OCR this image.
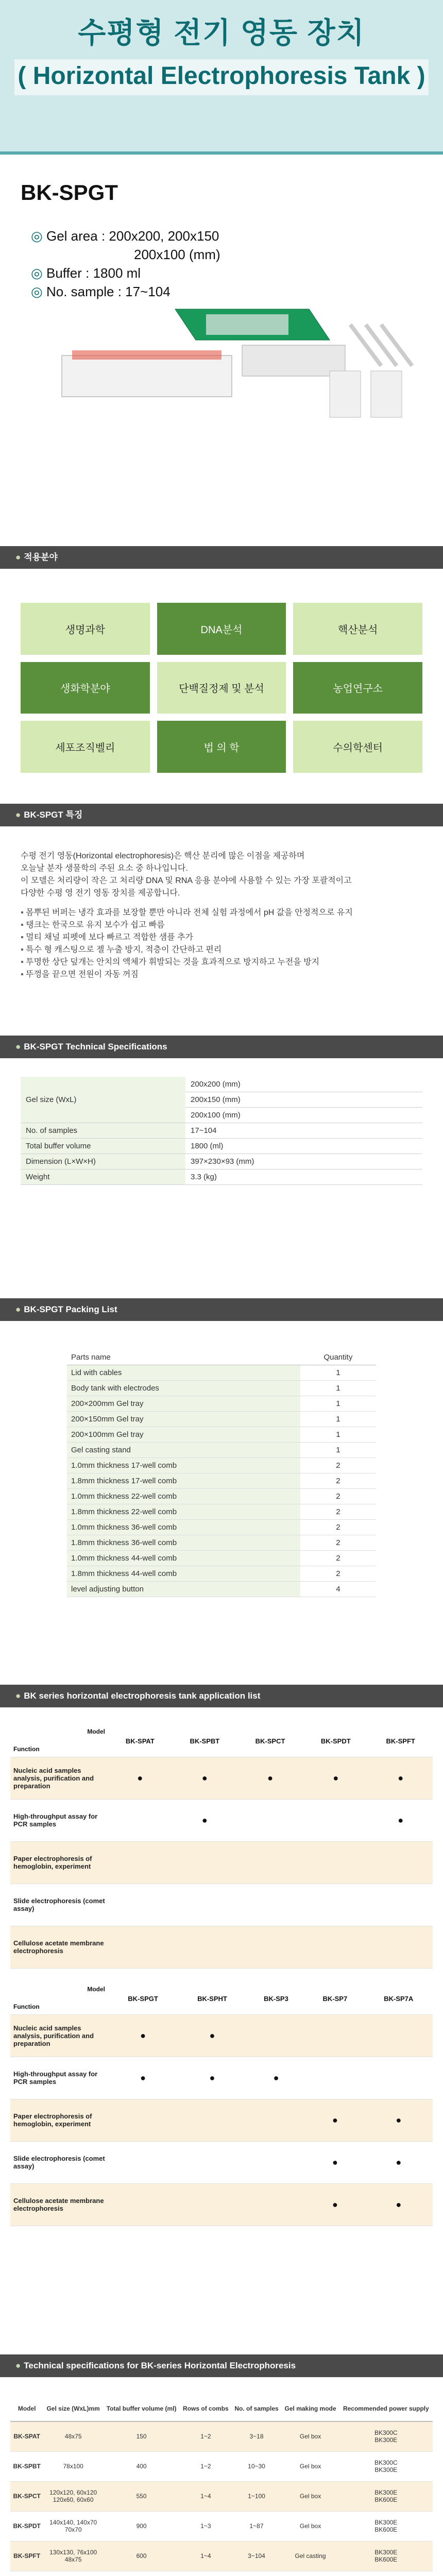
수평형 전기 영동 장치
( Horizontal Electrophoresis Tank )
BK-SPGT
◎ Gel area : 200x200, 200x150
200x100 (mm)
◎ Buffer : 1800 ml
◎ No. sample : 17~104
● 적용분야
생명과학	DNA분석	핵산분석
생화학분야	단백질정제 및 분석	농업연구소
세포조직벨리	법 의 학	수의학센터
● BK-SPGT 특징

수평 전기 영동(Horizontal electrophoresis)은 핵산 분리에 많은 이점을 제공하며

오늘날 분자 생물학의 주된 요소 중 하나입니다.

이 모델은 처리량이 작은 고 처리량 DNA 및 RNA 응용 분야에 사용할 수 있는 가장 포괄적이고

다양한 수평 영 전기 영동 장치를 제공합니다.

▪ 몸뿌된 버퍼는 냉각 효과를 보장할 뿐만 아니라 전체 실험 과정에서 pH 값을 안정적으로 유지
▪ 탱크는 한국으로 유지 보수가 쉽고 빠름
▪ 멀티 채널 피펫에 보다 빠르고 적합한 샘플 추가
▪ 특수 형 캐스팅으로 젤 누출 방지, 적층이 간단하고 편리
▪ 투명한 상단 덮개는 안치의 액체가 휘발되는 것을 효과적으로 방지하고 누전을 방지
▪ 뚜껑을 끝으면 전원이 자동 꺼짐
● BK-SPGT Technical Specifications
Gel size (WxL)	200x200 (mm)
	200x150 (mm)
	200x100 (mm)
No. of samples	17~104
Total buffer volume	1800 (ml)
Dimension (L×W×H)	397×230×93 (mm)
Weight	3.3 (kg)
● BK-SPGT Packing List
Parts name	Quantity
Lid with cables	1
Body tank with electrodes	1
200×200mm Gel tray	1
200×150mm Gel tray	1
200×100mm Gel tray	1
Gel casting stand	1
1.0mm thickness 17-well comb	2
1.8mm thickness 17-well comb	2
1.0mm thickness 22-well comb	2
1.8mm thickness 22-well comb	2
1.0mm thickness 36-well comb	2
1.8mm thickness 36-well comb	2
1.0mm thickness 44-well comb	2
1.8mm thickness 44-well comb	2
level adjusting button	4
● BK series horizontal electrophoresis tank application list
Model
Function	BK-SPAT	BK-SPBT	BK-SPCT	BK-SPDT	BK-SPFT
Nucleic acid samples analysis, purification and preparation	●	●	●	●	●
High-throughput assay for PCR samples		●			●
Paper electrophoresis of hemoglobin, experiment					
Slide electrophoresis (comet assay)					
Cellulose acetate membrane electrophoresis					
Model
Function	BK-SPGT	BK-SPHT	BK-SP3	BK-SP7	BK-SP7A
Nucleic acid samples analysis, purification and preparation	●	●			
High-throughput assay for PCR samples	●	●	●		
Paper electrophoresis of hemoglobin, experiment				●	●
Slide electrophoresis (comet assay)				●	●
Cellulose acetate membrane electrophoresis				●	●
● Technical specifications for BK-series Horizontal Electrophoresis
Model	Gel size (WxL)mm	Total buffer volume (ml)	Rows of combs	No. of samples	Gel making mode	Recommended power supply
BK-SPAT	48x75	150	1~2	3~18	Gel box	BK300C
BK300E
BK-SPBT	78x100	400	1~2	10~30	Gel box	BK300C
BK300E
BK-SPCT	120x120, 60x120
120x60, 60x60	550	1~4	1~100	Gel box	BK300E
BK600E
BK-SPDT	140x140, 140x70
70x70	900	1~3	1~87	Gel box	BK300E
BK600E
BK-SPFT	130x130, 76x100
48x75	600	1~4	3~104	Gel casting	BK300E
BK600E
